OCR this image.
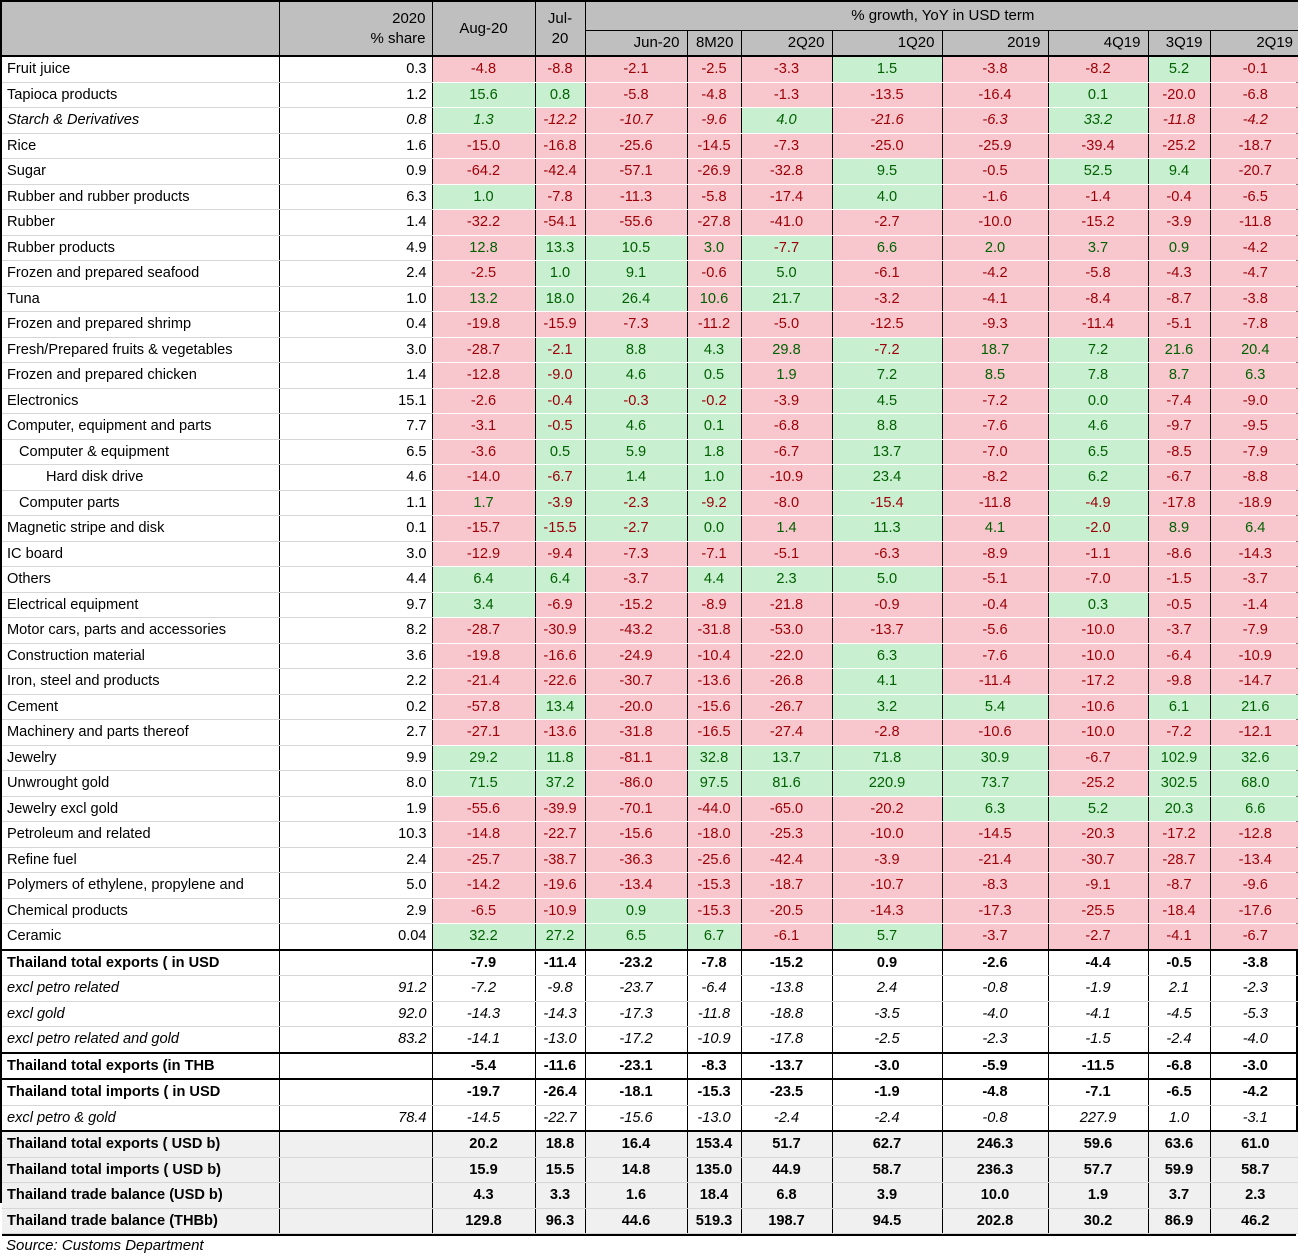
2020
% share
	Aug-20	
Jul-
20
	% growth, YoY in USD term
				Jun-20	8M20	2Q20	1Q20	2019	4Q19	3Q19	2Q19
Fruit juice	0.3	-4.8	-8.8	-2.1	-2.5	-3.3	1.5	-3.8	-8.2	5.2	-0.1
Tapioca products	1.2	15.6	0.8	-5.8	-4.8	-1.3	-13.5	-16.4	0.1	-20.0	-6.8
Starch & Derivatives	0.8	1.3	-12.2	-10.7	-9.6	4.0	-21.6	-6.3	33.2	-11.8	-4.2
Rice	1.6	-15.0	-16.8	-25.6	-14.5	-7.3	-25.0	-25.9	-39.4	-25.2	-18.7
Sugar	0.9	-64.2	-42.4	-57.1	-26.9	-32.8	9.5	-0.5	52.5	9.4	-20.7
Rubber and rubber products	6.3	1.0	-7.8	-11.3	-5.8	-17.4	4.0	-1.6	-1.4	-0.4	-6.5
Rubber	1.4	-32.2	-54.1	-55.6	-27.8	-41.0	-2.7	-10.0	-15.2	-3.9	-11.8
Rubber products	4.9	12.8	13.3	10.5	3.0	-7.7	6.6	2.0	3.7	0.9	-4.2
Frozen and prepared seafood	2.4	-2.5	1.0	9.1	-0.6	5.0	-6.1	-4.2	-5.8	-4.3	-4.7
Tuna	1.0	13.2	18.0	26.4	10.6	21.7	-3.2	-4.1	-8.4	-8.7	-3.8
Frozen and prepared shrimp	0.4	-19.8	-15.9	-7.3	-11.2	-5.0	-12.5	-9.3	-11.4	-5.1	-7.8
Fresh/Prepared fruits & vegetables	3.0	-28.7	-2.1	8.8	4.3	29.8	-7.2	18.7	7.2	21.6	20.4
Frozen and prepared chicken	1.4	-12.8	-9.0	4.6	0.5	1.9	7.2	8.5	7.8	8.7	6.3
Electronics	15.1	-2.6	-0.4	-0.3	-0.2	-3.9	4.5	-7.2	0.0	-7.4	-9.0
Computer, equipment and parts	7.7	-3.1	-0.5	4.6	0.1	-6.8	8.8	-7.6	4.6	-9.7	-9.5
Computer & equipment	6.5	-3.6	0.5	5.9	1.8	-6.7	13.7	-7.0	6.5	-8.5	-7.9
Hard disk drive	4.6	-14.0	-6.7	1.4	1.0	-10.9	23.4	-8.2	6.2	-6.7	-8.8
Computer parts	1.1	1.7	-3.9	-2.3	-9.2	-8.0	-15.4	-11.8	-4.9	-17.8	-18.9
Magnetic stripe and disk	0.1	-15.7	-15.5	-2.7	0.0	1.4	11.3	4.1	-2.0	8.9	6.4
IC board	3.0	-12.9	-9.4	-7.3	-7.1	-5.1	-6.3	-8.9	-1.1	-8.6	-14.3
Others	4.4	6.4	6.4	-3.7	4.4	2.3	5.0	-5.1	-7.0	-1.5	-3.7
Electrical equipment	9.7	3.4	-6.9	-15.2	-8.9	-21.8	-0.9	-0.4	0.3	-0.5	-1.4
Motor cars, parts and accessories	8.2	-28.7	-30.9	-43.2	-31.8	-53.0	-13.7	-5.6	-10.0	-3.7	-7.9
Construction material	3.6	-19.8	-16.6	-24.9	-10.4	-22.0	6.3	-7.6	-10.0	-6.4	-10.9
Iron, steel and products	2.2	-21.4	-22.6	-30.7	-13.6	-26.8	4.1	-11.4	-17.2	-9.8	-14.7
Cement	0.2	-57.8	13.4	-20.0	-15.6	-26.7	3.2	5.4	-10.6	6.1	21.6
Machinery and parts thereof	2.7	-27.1	-13.6	-31.8	-16.5	-27.4	-2.8	-10.6	-10.0	-7.2	-12.1
Jewelry	9.9	29.2	11.8	-81.1	32.8	13.7	71.8	30.9	-6.7	102.9	32.6
Unwrought gold	8.0	71.5	37.2	-86.0	97.5	81.6	220.9	73.7	-25.2	302.5	68.0
Jewelry excl gold	1.9	-55.6	-39.9	-70.1	-44.0	-65.0	-20.2	6.3	5.2	20.3	6.6
Petroleum and related	10.3	-14.8	-22.7	-15.6	-18.0	-25.3	-10.0	-14.5	-20.3	-17.2	-12.8
Refine fuel	2.4	-25.7	-38.7	-36.3	-25.6	-42.4	-3.9	-21.4	-30.7	-28.7	-13.4
Polymers of ethylene, propylene and	5.0	-14.2	-19.6	-13.4	-15.3	-18.7	-10.7	-8.3	-9.1	-8.7	-9.6
Chemical products	2.9	-6.5	-10.9	0.9	-15.3	-20.5	-14.3	-17.3	-25.5	-18.4	-17.6
Ceramic	0.04	32.2	27.2	6.5	6.7	-6.1	5.7	-3.7	-2.7	-4.1	-6.7
Thailand total exports ( in USD		-7.9	-11.4	-23.2	-7.8	-15.2	0.9	-2.6	-4.4	-0.5	-3.8
excl petro related	91.2	-7.2	-9.8	-23.7	-6.4	-13.8	2.4	-0.8	-1.9	2.1	-2.3
excl gold	92.0	-14.3	-14.3	-17.3	-11.8	-18.8	-3.5	-4.0	-4.1	-4.5	-5.3
excl petro related and gold	83.2	-14.1	-13.0	-17.2	-10.9	-17.8	-2.5	-2.3	-1.5	-2.4	-4.0
Thailand total exports (in THB		-5.4	-11.6	-23.1	-8.3	-13.7	-3.0	-5.9	-11.5	-6.8	-3.0
Thailand total imports ( in USD		-19.7	-26.4	-18.1	-15.3	-23.5	-1.9	-4.8	-7.1	-6.5	-4.2
excl petro & gold	78.4	-14.5	-22.7	-15.6	-13.0	-2.4	-2.4	-0.8	227.9	1.0	-3.1
Thailand total exports ( USD b)		20.2	18.8	16.4	153.4	51.7	62.7	246.3	59.6	63.6	61.0
Thailand total imports ( USD b)		15.9	15.5	14.8	135.0	44.9	58.7	236.3	57.7	59.9	58.7
Thailand trade balance (USD b)		4.3	3.3	1.6	18.4	6.8	3.9	10.0	1.9	3.7	2.3
Thailand trade balance (THBb)		129.8	96.3	44.6	519.3	198.7	94.5	202.8	30.2	86.9	46.2
Source: Customs Department
